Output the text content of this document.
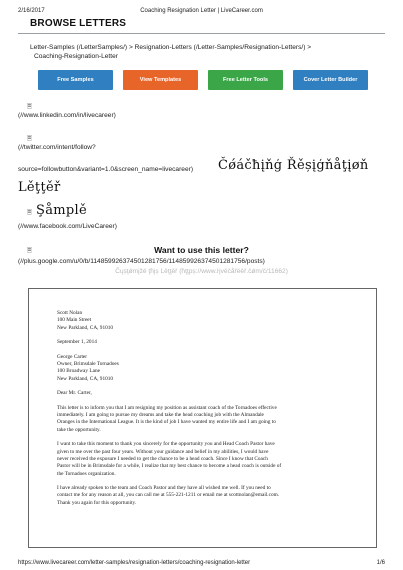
2/16/2017	Coaching Resignation Letter | LiveCareer.com
BROWSE LETTERS
Letter-Samples (/LetterSamples/) > Resignation-Letters (/Letter-Samples/Resignation-Letters/) >
Coaching-Resignation-Letter
Free Samples	View Templates	Free Letter Tools	Cover Letter Builder
🗏
(//www.linkedin.com/in/livecareer)
🗏
(//twitter.com/intent/follow?
source=followbutton&variant=1.0&screen_name=livecareer) Čǿáčħįňģ Řěșįģňåţįøň
Lěţţěř
🗏 Şåmplě
(//www.facebook.com/LiveCareer)
🗏	Want to use this letter?
(//plus.google.com/u/0/b/114859926374501281756/114859926374501281756/posts)
Čųșţǿmįžě ţħįș Lěţţěř (ħţţpș://www.ŀįvěčåřěěř.čǿm/č/11662)
Scott Nolan
100 Main Street
New Parkland, CA, 91010
September 1, 2014
George Carter
Owner, Brimsdale Tornadoes
100 Broadway Lane
New Parkland, CA, 91010
Dear Mr. Carter,
This letter is to inform you that I am resigning my position as assistant coach of the Tornadoes effective
immediately. I am going to pursue my dreams and take the head coaching job with the Almandale
Oranges in the International League. It is the kind of job I have wanted my entire life and I am going to
take the opportunity.
I want to take this moment to thank you sincerely for the opportunity you and Head Coach Pastor have
given to me over the past four years. Without your guidance and belief in my abilities, I would have
never received the exposure I needed to get the chance to be a head coach. Since I know that Coach
Pastor will be in Brimsdale for a while, I realize that my best chance to become a head coach is outside of
the Tornadoes organization.
I have already spoken to the team and Coach Pastor and they have all wished me well. If you need to
contact me for any reason at all, you can call me at 555-221-1211 or email me at scottnolan@email.com.
Thank you again for this opportunity.
https://www.livecareer.com/letter-samples/resignation-letters/coaching-resignation-letter	1/6
